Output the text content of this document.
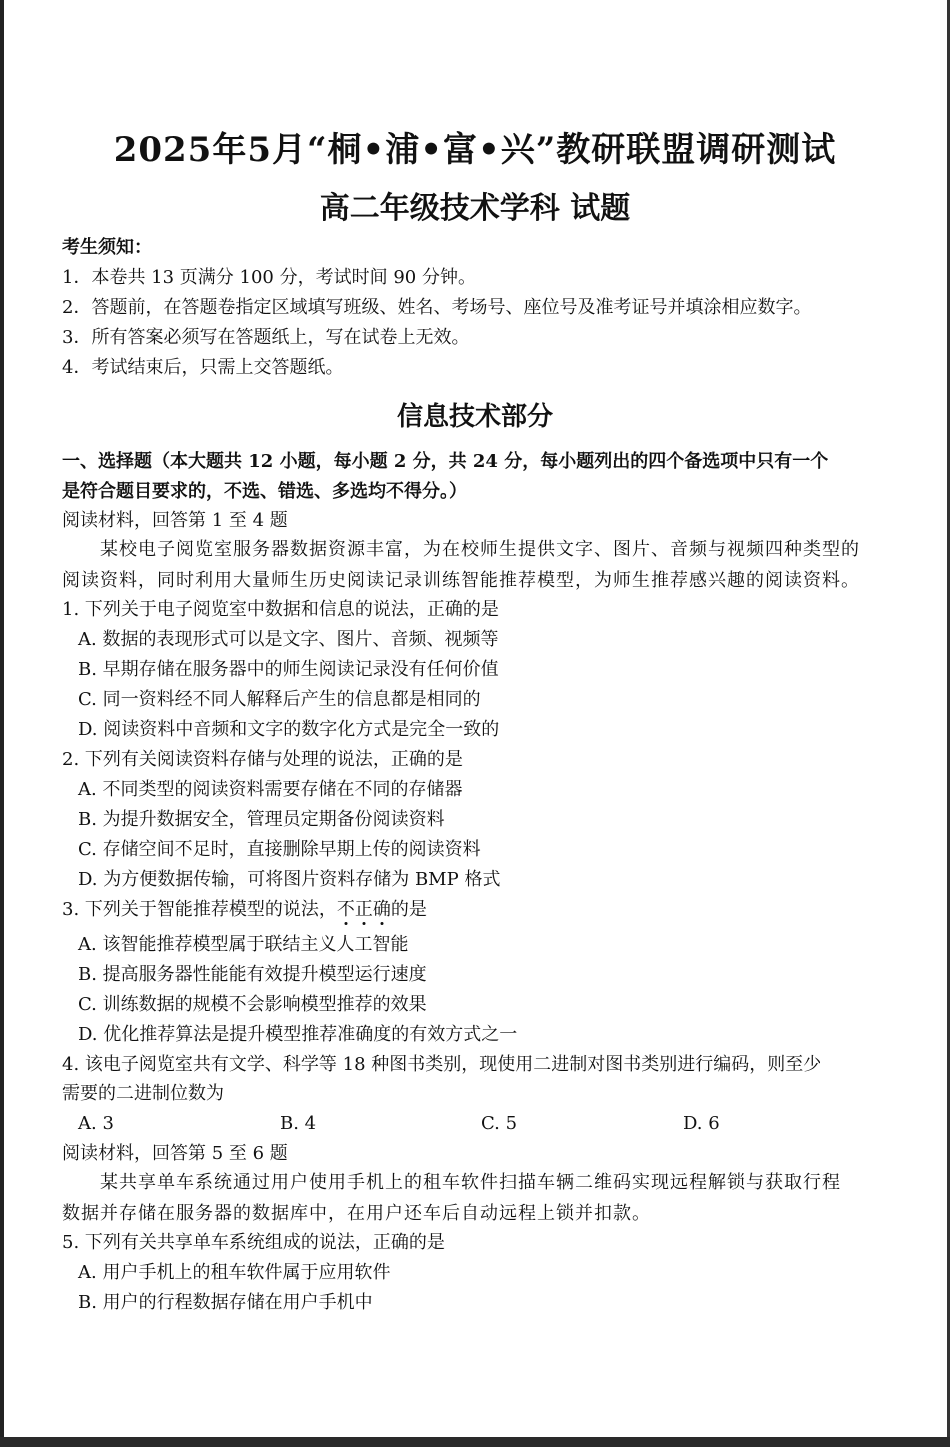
2025年5月“桐•浦•富•兴”教研联盟调研测试
高二年级技术学科 试题
考生须知：
1．本卷共 13 页满分 100 分，考试时间 90 分钟。
2．答题前，在答题卷指定区域填写班级、姓名、考场号、座位号及准考证号并填涂相应数字。
3．所有答案必须写在答题纸上，写在试卷上无效。
4．考试结束后，只需上交答题纸。
信息技术部分
一、选择题（本大题共 12 小题，每小题 2 分，共 24 分，每小题列出的四个备选项中只有一个
是符合题目要求的，不选、错选、多选均不得分。）
阅读材料，回答第 1 至 4 题
某校电子阅览室服务器数据资源丰富，为在校师生提供文字、图片、音频与视频四种类型的
阅读资料，同时利用大量师生历史阅读记录训练智能推荐模型，为师生推荐感兴趣的阅读资料。
1. 下列关于电子阅览室中数据和信息的说法，正确的是
A. 数据的表现形式可以是文字、图片、音频、视频等
B. 早期存储在服务器中的师生阅读记录没有任何价值
C. 同一资料经不同人解释后产生的信息都是相同的
D. 阅读资料中音频和文字的数字化方式是完全一致的
2. 下列有关阅读资料存储与处理的说法，正确的是
A. 不同类型的阅读资料需要存储在不同的存储器
B. 为提升数据安全，管理员定期备份阅读资料
C. 存储空间不足时，直接删除早期上传的阅读资料
D. 为方便数据传输，可将图片资料存储为 BMP 格式
3. 下列关于智能推荐模型的说法，不正确的是
A. 该智能推荐模型属于联结主义人工智能
B. 提高服务器性能能有效提升模型运行速度
C. 训练数据的规模不会影响模型推荐的效果
D. 优化推荐算法是提升模型推荐准确度的有效方式之一
4. 该电子阅览室共有文学、科学等 18 种图书类别，现使用二进制对图书类别进行编码，则至少
需要的二进制位数为
A. 3	B. 4	C. 5	D. 6
阅读材料，回答第 5 至 6 题
某共享单车系统通过用户使用手机上的租车软件扫描车辆二维码实现远程解锁与获取行程
数据并存储在服务器的数据库中，在用户还车后自动远程上锁并扣款。
5. 下列有关共享单车系统组成的说法，正确的是
A. 用户手机上的租车软件属于应用软件
B. 用户的行程数据存储在用户手机中
